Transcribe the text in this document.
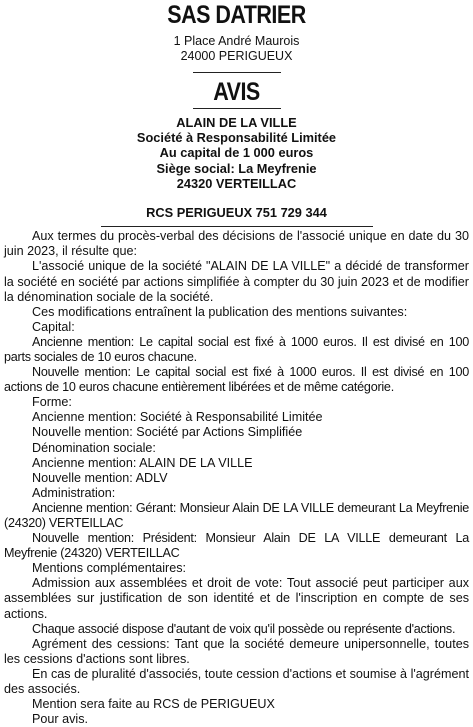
SAS DATRIER

1 Place André Maurois

24000 PERIGUEUX

AVIS

ALAIN DE LA VILLE

Société à Responsabilité Limitée

Au capital de 1 000 euros

Siège social: La Meyfrenie

24320 VERTEILLAC

RCS PERIGUEUX 751 729 344

Aux termes du procès-verbal des décisions de l'associé unique en date du 30 juin 2023, il résulte que:

L'associé unique de la société "ALAIN DE LA VILLE" a décidé de transformer la société en société par actions simplifiée à compter du 30 juin 2023 et de modifier la dénomination sociale de la société.

Ces modifications entraînent la publication des mentions suivantes:

Capital:

Ancienne mention: Le capital social est fixé à 1000 euros. Il est divisé en 100 parts sociales de 10 euros chacune.

Nouvelle mention: Le capital social est fixé à 1000 euros. Il est divisé en 100 actions de 10 euros chacune entièrement libérées et de même catégorie.

Forme:

Ancienne mention: Société à Responsabilité Limitée

Nouvelle mention: Société par Actions Simplifiée

Dénomination sociale:

Ancienne mention: ALAIN DE LA VILLE

Nouvelle mention: ADLV

Administration:

Ancienne mention: Gérant: Monsieur Alain DE LA VILLE demeurant La Meyfrenie (24320) VERTEILLAC

Nouvelle mention: Président: Monsieur Alain DE LA VILLE demeurant La Meyfrenie (24320) VERTEILLAC

Mentions complémentaires:

Admission aux assemblées et droit de vote: Tout associé peut participer aux assemblées sur justification de son identité et de l'inscription en compte de ses actions.

Chaque associé dispose d'autant de voix qu'il possède ou représente d'actions.

Agrément des cessions: Tant que la société demeure unipersonnelle, toutes les cessions d'actions sont libres.

En cas de pluralité d'associés, toute cession d'actions et soumise à l'agrément des associés.

Mention sera faite au RCS de PERIGUEUX

Pour avis.
